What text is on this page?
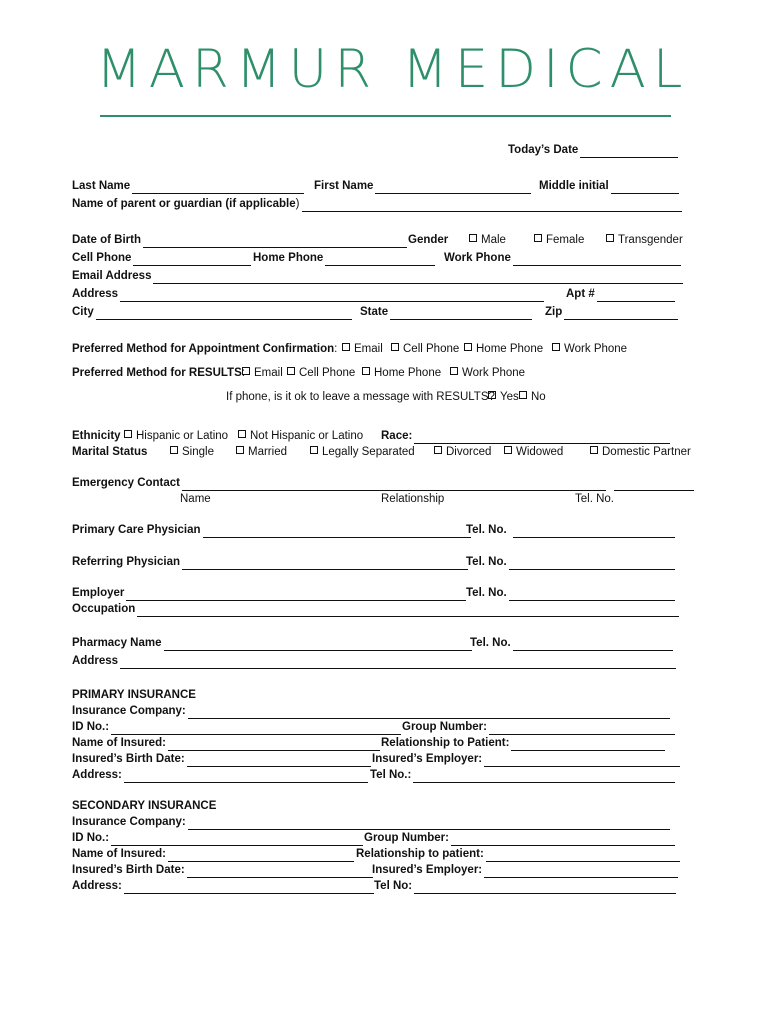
MARMUR MEDICAL
Today’s Date
Last Name	First Name	Middle initial
Name of parent or guardian (if applicable )
Date of Birth	Gender	Male	Female	Transgender
Cell Phone	Home Phone	Work Phone
Email Address
Address	Apt #
City	State	Zip
Preferred Method for Appointment Confirmation :	Email	Cell Phone	Home Phone	Work Phone
Preferred Method for RESULTS : Email	Cell Phone	Home Phone	Work Phone
If phone, is it ok to leave a message with RESULTS? Yes	No
Ethnicity	Hispanic or Latino	Not Hispanic or Latino Race:
Marital Status	Single	Married	Legally Separated	Divorced	Widowed	Domestic Partner
Emergency Contact
Name	Relationship	Tel. No.
Primary Care Physician	Tel. No.
Referring Physician	Tel. No.
Employer	Tel. No.
Occupation
Pharmacy Name	Tel. No.
Address
PRIMARY INSURANCE
Insurance Company:
ID No.:	Group Number:
Name of Insured:	Relationship to Patient:
Insured’s Birth Date:	Insured’s Employer:
Address:	Tel No.:
SECONDARY INSURANCE
Insurance Company:
ID No.:	Group Number:
Name of Insured:	Relationship to patient:
Insured’s Birth Date:	Insured’s Employer:
Address:	Tel No:
